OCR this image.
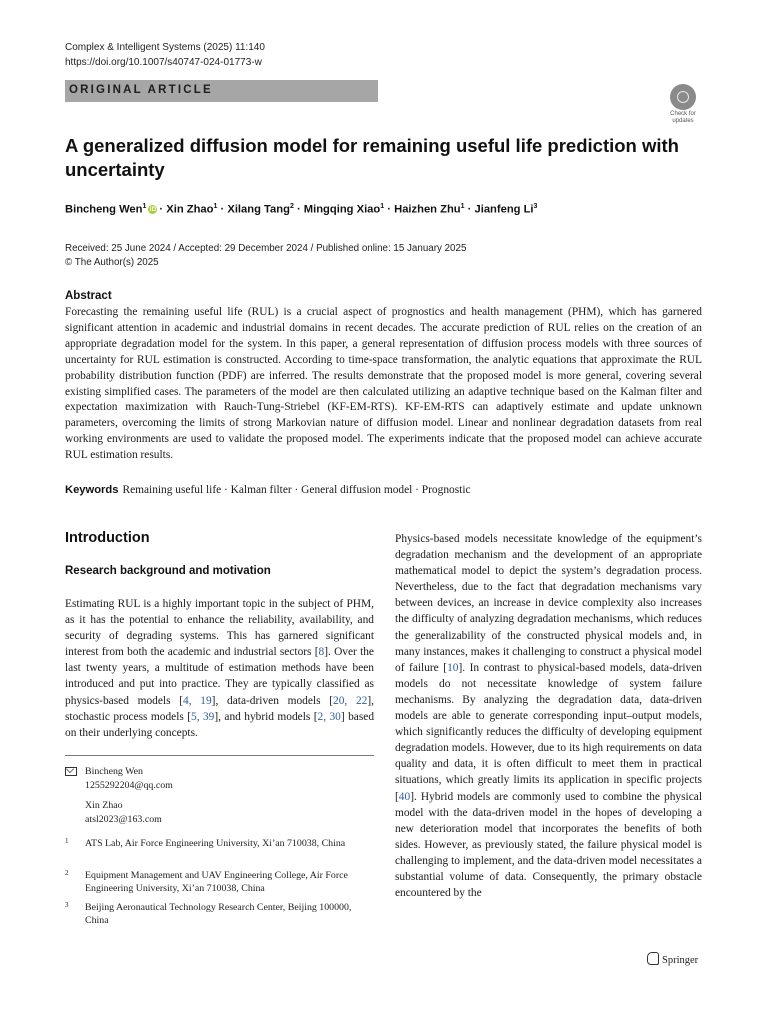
Complex & Intelligent Systems (2025) 11:140
https://doi.org/10.1007/s40747-024-01773-w
ORIGINAL ARTICLE
Check for updates
A generalized diffusion model for remaining useful life prediction with uncertainty
Bincheng Wen$^1$ iD · Xin Zhao$^1$ · Xilang Tang$^2$ · Mingqing Xiao$^1$ · Haizhen Zhu$^1$ · Jianfeng Li$^3$
Received: 25 June 2024 / Accepted: 29 December 2024 / Published online: 15 January 2025
© The Author(s) 2025
Abstract
Forecasting the remaining useful life (RUL) is a crucial aspect of prognostics and health management (PHM), which has garnered significant attention in academic and industrial domains in recent decades. The accurate prediction of RUL relies on the creation of an appropriate degradation model for the system. In this paper, a general representation of diffusion process models with three sources of uncertainty for RUL estimation is constructed. According to time-space transformation, the analytic equations that approximate the RUL probability distribution function (PDF) are inferred. The results demonstrate that the proposed model is more general, covering several existing simplified cases. The parameters of the model are then calculated utilizing an adaptive technique based on the Kalman filter and expectation maximization with Rauch-Tung-Striebel (KF-EM-RTS). KF-EM-RTS can adaptively estimate and update unknown parameters, overcoming the limits of strong Markovian nature of diffusion model. Linear and nonlinear degradation datasets from real working environments are used to validate the proposed model. The experiments indicate that the proposed model can achieve accurate RUL estimation results.
Keywords Remaining useful life · Kalman filter · General diffusion model · Prognostic
Introduction
Research background and motivation
Estimating RUL is a highly important topic in the subject of PHM, as it has the potential to enhance the reliability, availability, and security of degrading systems. This has garnered significant interest from both the academic and industrial sectors [8]. Over the last twenty years, a multitude of estimation methods have been introduced and put into practice. They are typically classified as physics-based models [4, 19], data-driven models [20, 22], stochastic process models [5, 39], and hybrid models [2, 30] based on their underlying concepts.
Physics-based models necessitate knowledge of the equipment’s degradation mechanism and the development of an appropriate mathematical model to depict the system’s degradation process. Nevertheless, due to the fact that degradation mechanisms vary between devices, an increase in device complexity also increases the difficulty of analyzing degradation mechanisms, which reduces the generalizability of the constructed physical models and, in many instances, makes it challenging to construct a physical model of failure [10]. In contrast to physical-based models, data-driven models do not necessitate knowledge of system failure mechanisms. By analyzing the degradation data, data-driven models are able to generate corresponding input–output models, which significantly reduces the difficulty of developing equipment degradation models. However, due to its high requirements on data quality and data, it is often difficult to meet them in practical situations, which greatly limits its application in specific projects [40]. Hybrid models are commonly used to combine the physical model with the data-driven model in the hopes of developing a new deterioration model that incorporates the benefits of both sides. However, as previously stated, the failure physical model is challenging to implement, and the data-driven model necessitates a substantial volume of data. Consequently, the primary obstacle encountered by the
Bincheng Wen
1255292204@qq.com
Xin Zhao
atsl2023@163.com
1 ATS Lab, Air Force Engineering University, Xi’an 710038, China
2 Equipment Management and UAV Engineering College, Air Force Engineering University, Xi’an 710038, China
3 Beijing Aeronautical Technology Research Center, Beijing 100000, China
Springer
